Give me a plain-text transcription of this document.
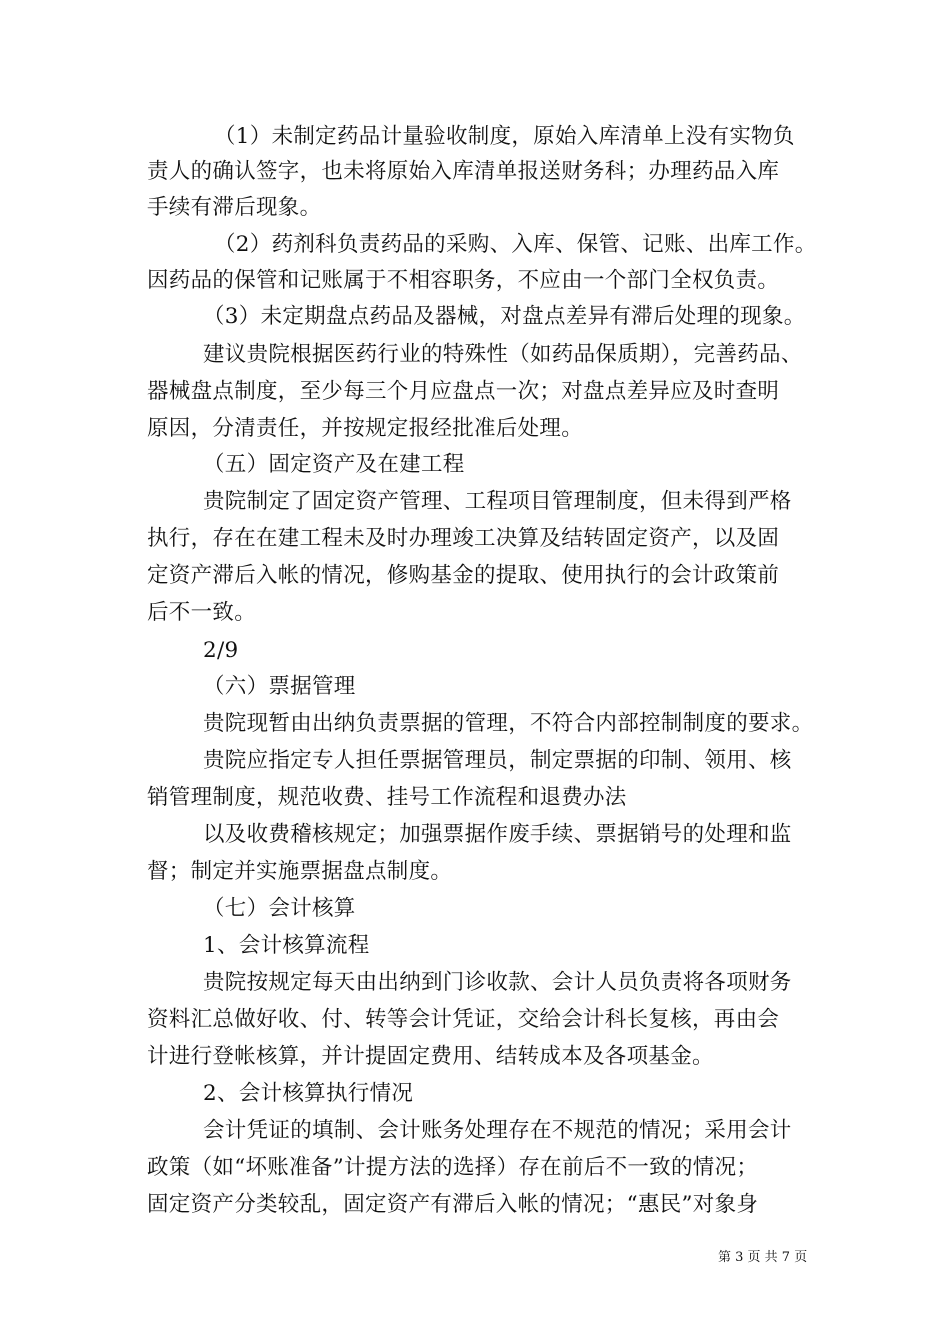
（1）未制定药品计量验收制度，原始入库清单上没有实物负
责人的确认签字，也未将原始入库清单报送财务科；办理药品入库
手续有滞后现象。
（2）药剂科负责药品的采购、入库、保管、记账、出库工作。
因药品的保管和记账属于不相容职务，不应由一个部门全权负责。
（3）未定期盘点药品及器械，对盘点差异有滞后处理的现象。
建议贵院根据医药行业的特殊性（如药品保质期），完善药品、
器械盘点制度，至少每三个月应盘点一次；对盘点差异应及时查明
原因，分清责任，并按规定报经批准后处理。
（五）固定资产及在建工程
贵院制定了固定资产管理、工程项目管理制度，但未得到严格
执行，存在在建工程未及时办理竣工决算及结转固定资产，以及固
定资产滞后入帐的情况，修购基金的提取、使用执行的会计政策前
后不一致。
2/9
（六）票据管理
贵院现暂由出纳负责票据的管理，不符合内部控制制度的要求。
贵院应指定专人担任票据管理员，制定票据的印制、领用、核
销管理制度，规范收费、挂号工作流程和退费办法
以及收费稽核规定；加强票据作废手续、票据销号的处理和监
督；制定并实施票据盘点制度。
（七）会计核算
1、会计核算流程
贵院按规定每天由出纳到门诊收款、会计人员负责将各项财务
资料汇总做好收、付、转等会计凭证，交给会计科长复核，再由会
计进行登帐核算，并计提固定费用、结转成本及各项基金。
2、会计核算执行情况
会计凭证的填制、会计账务处理存在不规范的情况；采用会计
政策（如“坏账准备”计提方法的选择）存在前后不一致的情况；
固定资产分类较乱，固定资产有滞后入帐的情况；“惠民”对象身
第 3 页 共 7 页
